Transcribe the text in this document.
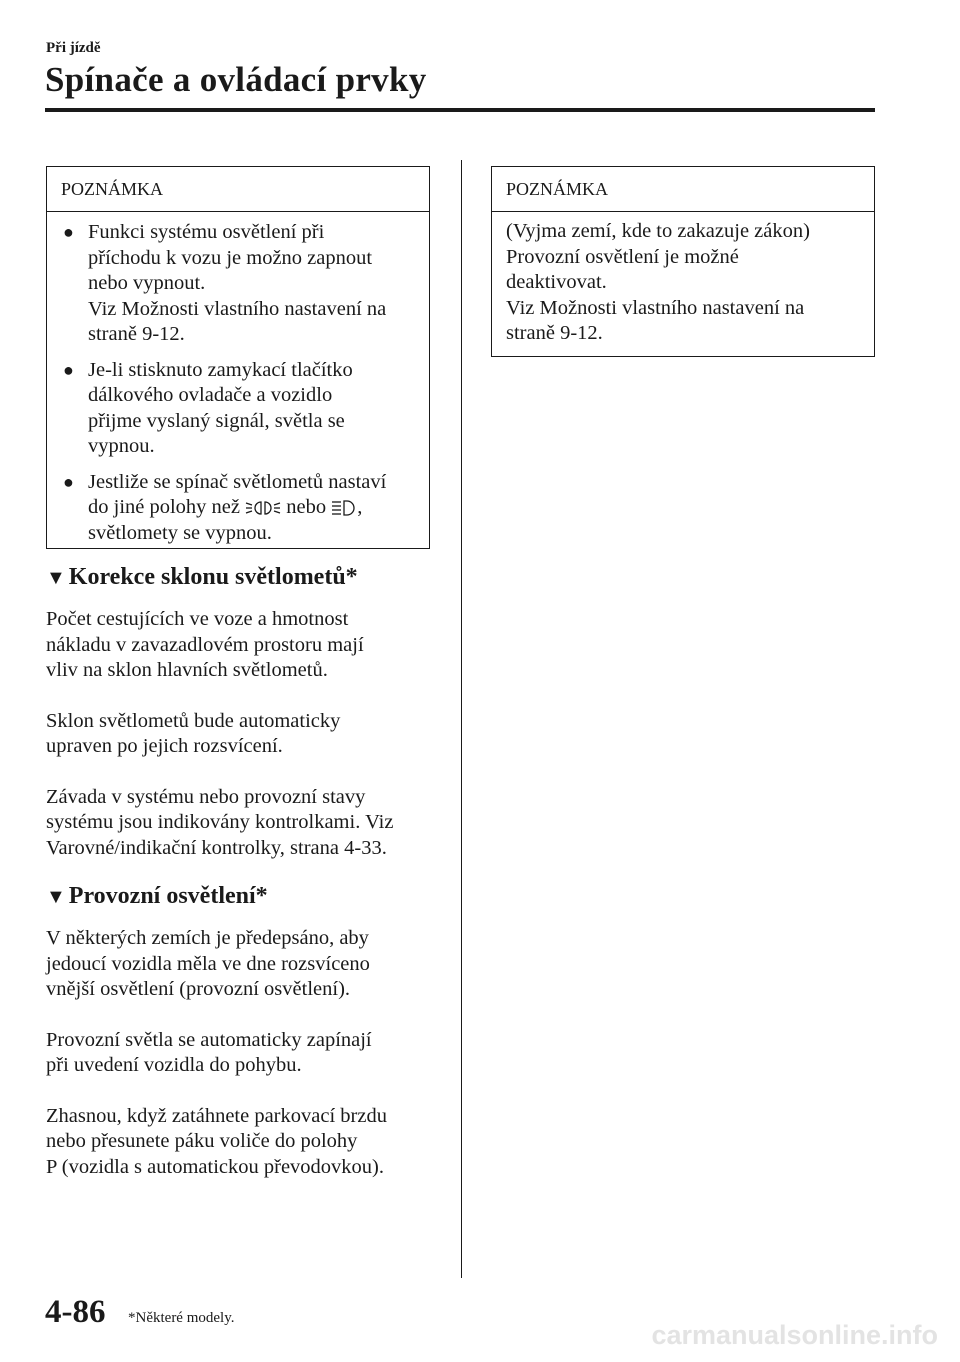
Při jízdě
Spínače a ovládací prvky
POZNÁMKA
● Funkci systému osvětlení při
příchodu k vozu je možno zapnout
nebo vypnout.
Viz Možnosti vlastního nastavení na
straně 9-12.
● Je-li stisknuto zamykací tlačítko
dálkového ovladače a vozidlo
přijme vyslaný signál, světla se
vypnou.
● Jestliže se spínač světlometů nastaví
do jiné polohy než nebo ,
světlomety se vypnou.
POZNÁMKA
(Vyjma zemí, kde to zakazuje zákon)
Provozní osvětlení je možné
deaktivovat.
Viz Možnosti vlastního nastavení na
straně 9-12.
▼ Korekce sklonu světlometů*

Počet cestujících ve voze a hmotnost
nákladu v zavazadlovém prostoru mají
vliv na sklon hlavních světlometů.

Sklon světlometů bude automaticky
upraven po jejich rozsvícení.

Závada v systému nebo provozní stavy
systému jsou indikovány kontrolkami. Viz
Varovné/indikační kontrolky, strana 4-33.

▼ Provozní osvětlení*

V některých zemích je předepsáno, aby
jedoucí vozidla měla ve dne rozsvíceno
vnější osvětlení (provozní osvětlení).

Provozní světla se automaticky zapínají
při uvedení vozidla do pohybu.

Zhasnou, když zatáhnete parkovací brzdu
nebo přesunete páku voliče do polohy
P (vozidla s automatickou převodovkou).

4-86 *Některé modely.
carmanualsonline.info
